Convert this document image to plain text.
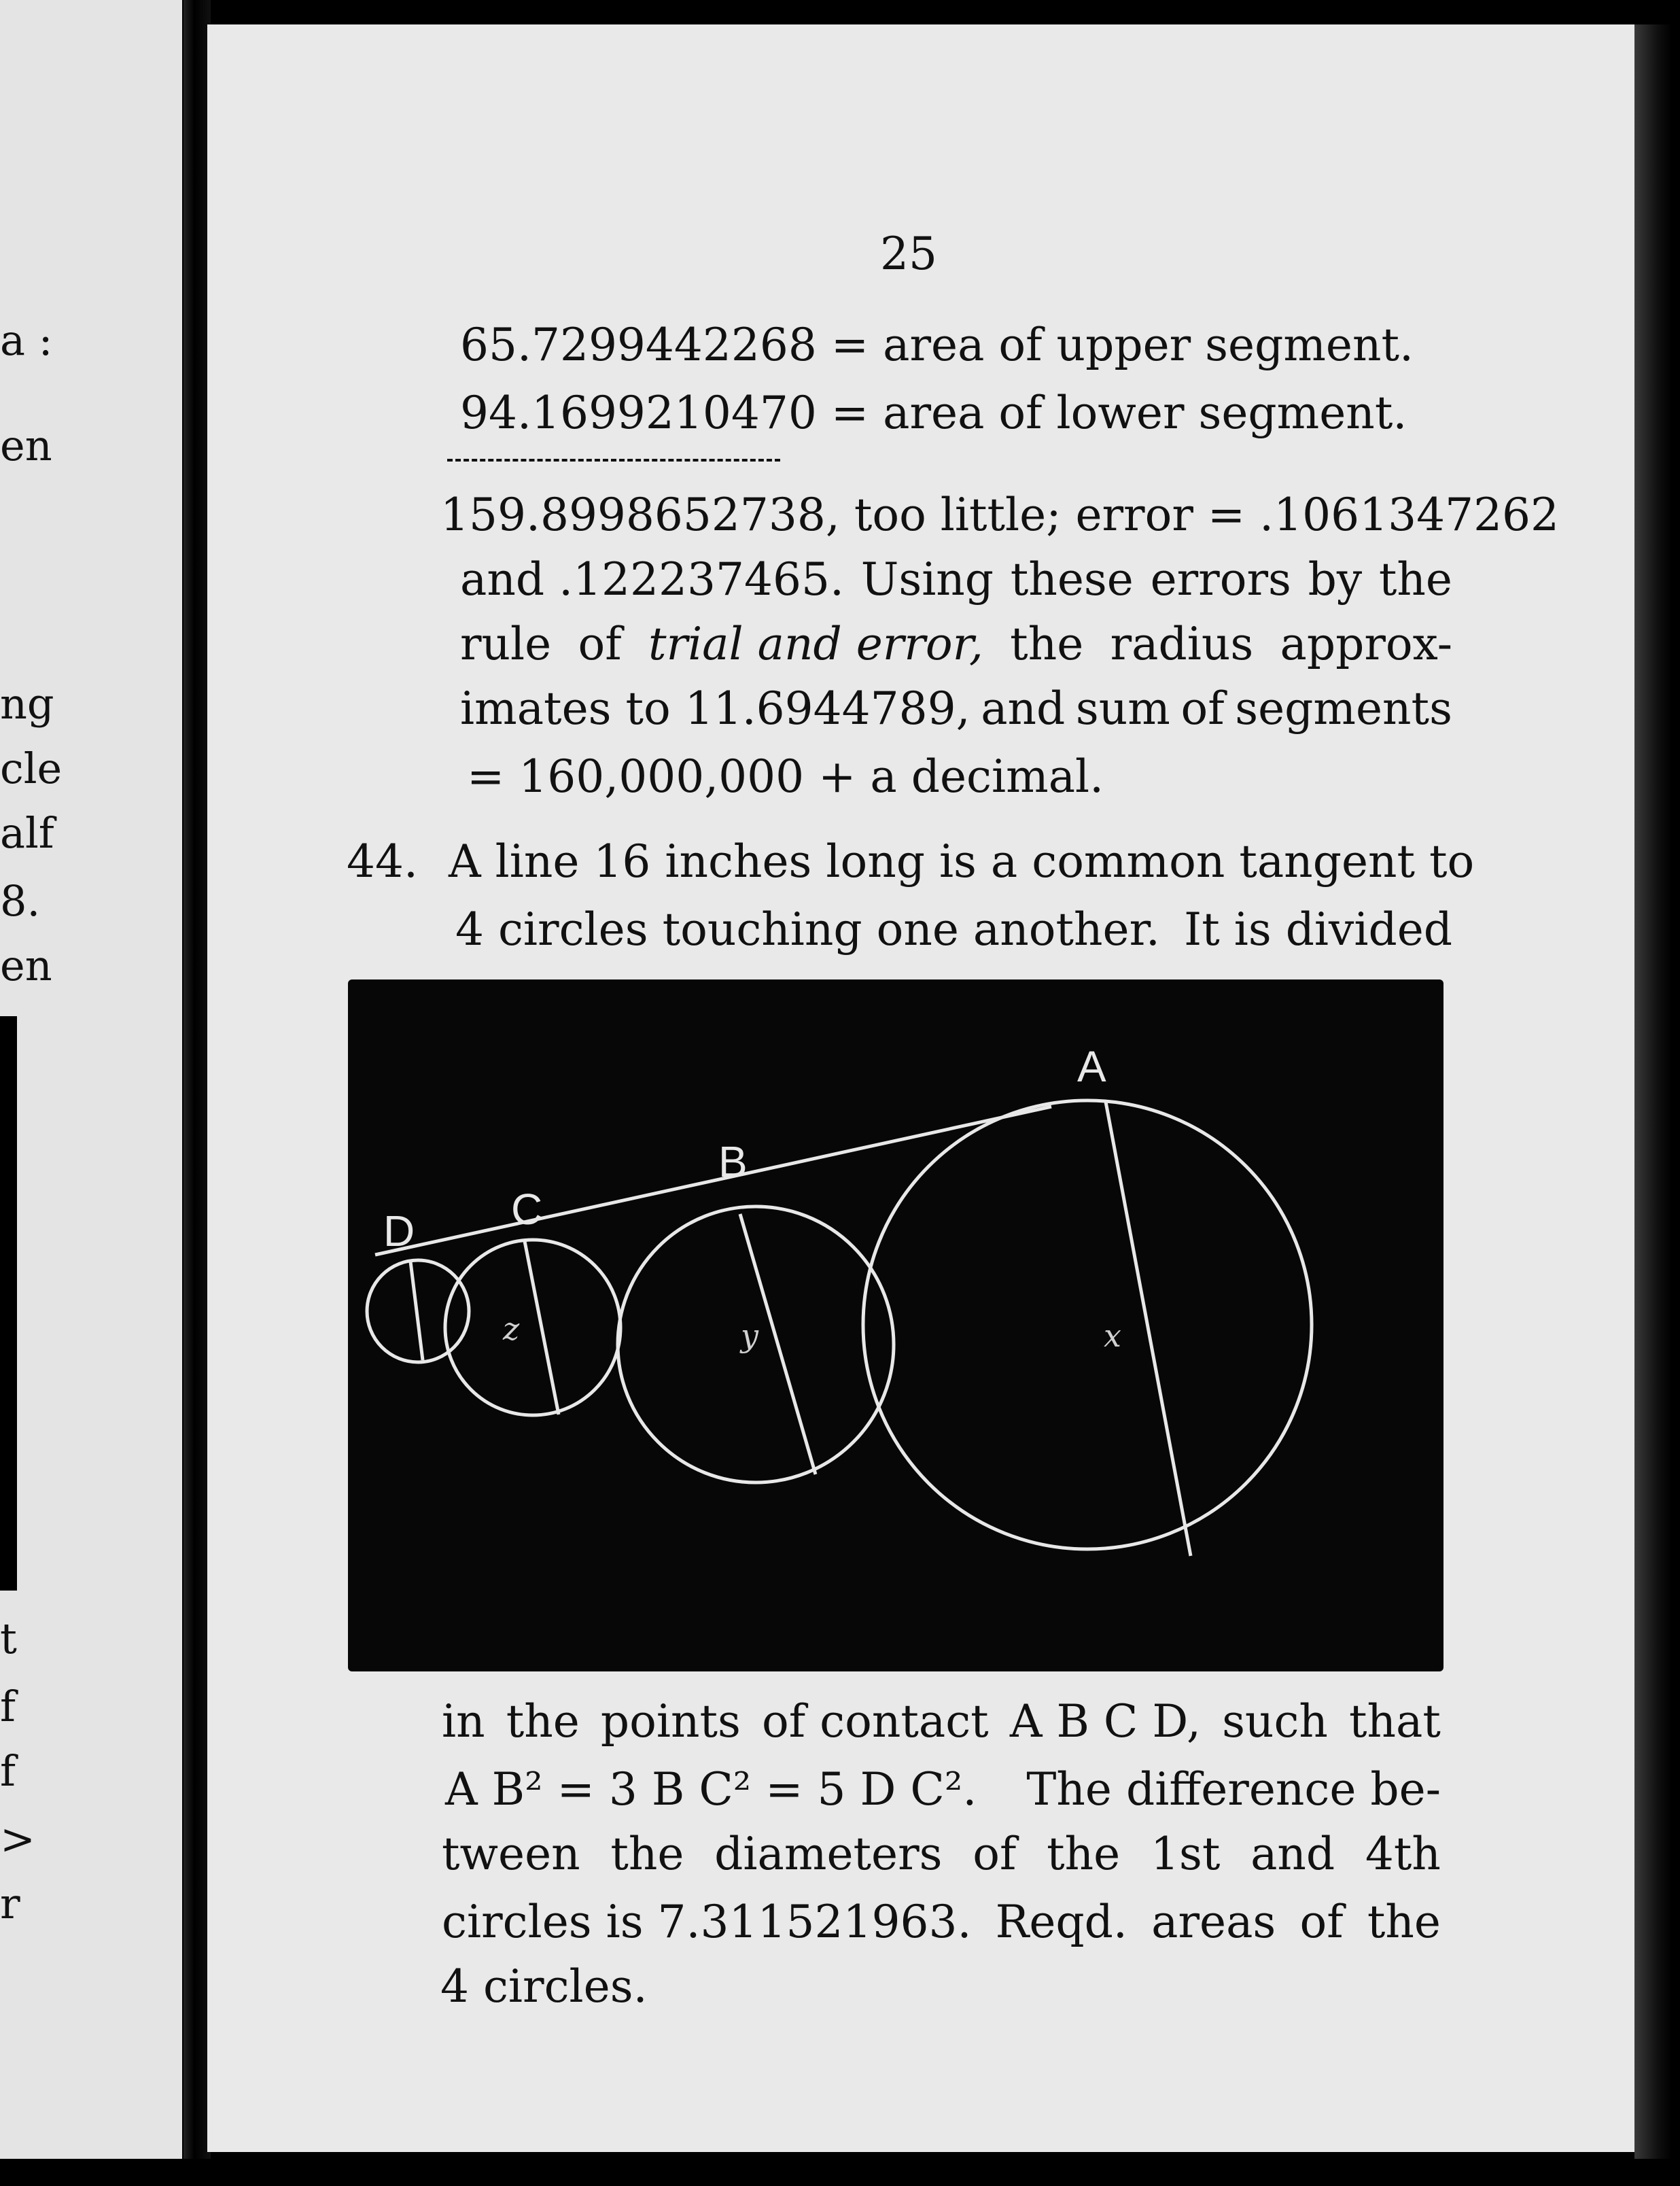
a :
en
ng
cle
alf
8.
en
t
f
f
>
r
25
65.7299442268 = area of upper segment.
94.1699210470 = area of lower segment.
159.8998652738, too little; error = .1061347262
and .122237465. Using these errors by the
rule of trial and error, the radius approx-
imates to 11.6944789, and sum of segments
= 160,000,000 + a decimal.
44. A line 16 inches long is a common tangent to
4 circles touching one another. It is divided
A
B
C
D
x
y
z
in the points of contact A B C D, such that
A B² = 3 B C² = 5 D C². The difference be-
tween the diameters of the 1st and 4th
circles is 7.311521963. Reqd. areas of the
4 circles.
